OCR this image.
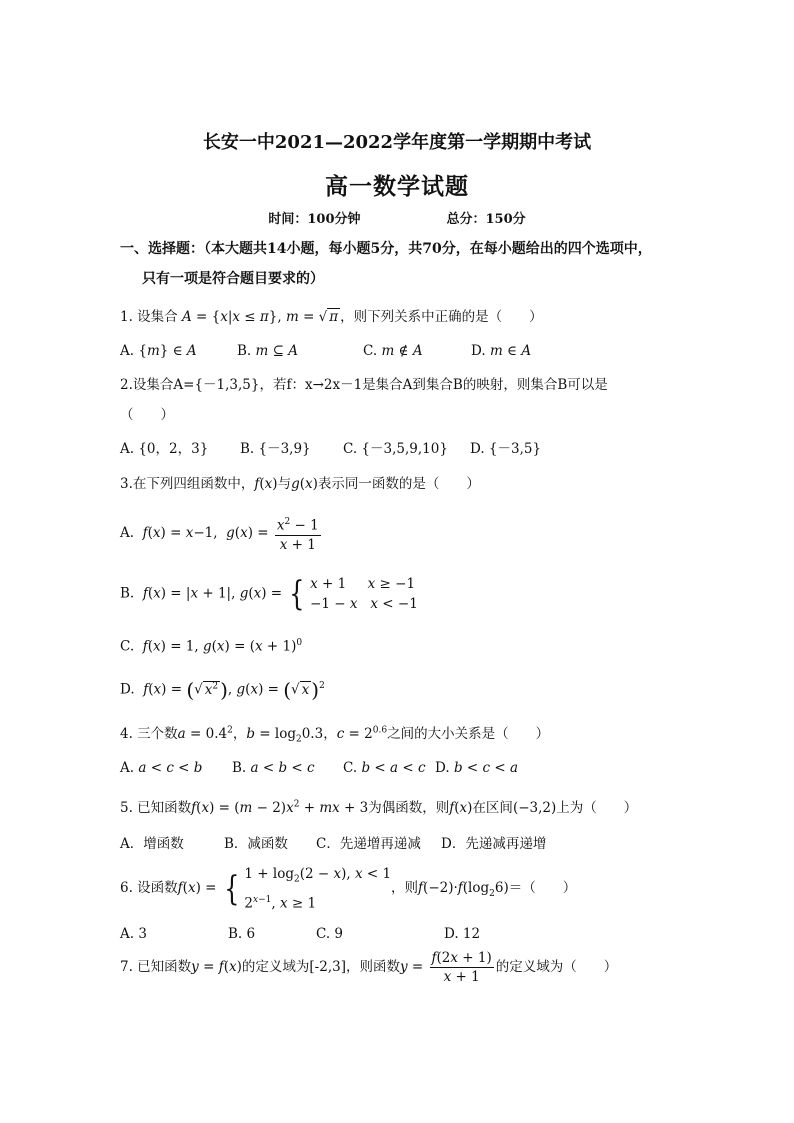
长安一中2021—2022学年度第一学期期中考试
高一数学试题
时间：100分钟	总分：150分
一、选择题：（本大题共14小题，每小题5分，共70分，在每小题给出的四个选项中，
只有一项是符合题目要求的）
1. 设集合 A = {x|x ≤ π}, m = √ π ，则下列关系中正确的是（　　）
A. {m} ∈ A	B. m ⊆ A	C. m ∉ A	D. m ∈ A
2.设集合A={－1,3,5}，若f：x→2x－1是集合A到集合B的映射，则集合B可以是
（　　）
A. {0，2，3} B. {－3,9} C. {－3,5,9,10} D. {－3,5}
3.在下列四组函数中，f(x)与g(x)表示同一函数的是（　　）
A. f(x) = x−1,  $g(x) = \frac{x^2 - 1}{x + 1}$
B. f(x) = |x + 1|, g(x) = { x + 1     x ≥ −1
−1 − x x < −1
C. f(x) = 1, $g(x) = (x + 1)^0$
D. f(x) = (√ $x^2$ ), g(x) = (√ x )$^2$
4. 三个数$a = 0.4^2$，$b = \log_20.3$，$c = 2^{0.6}$之间的大小关系是（　　）
A. a < c < b B. a < b < c C. b < a < c D. b < c < a
5. 已知函数$f(x) = (m - 2)x^2$ + mx + 3为偶函数，则f(x)在区间(−3,2)上为（　　）
A．增函数	B．减函数 C．先递增再递减 D．先递减再递增
6. 设函数f(x) = { $1 + \log_2(2 - x)$, x < 1
$2^{x-1}$, x ≥ 1
，则$f(-2)\cdot f(\log_26)=$（　　）
A. 3	B. 6	C. 9	D. 12
7. 已知函数y = f(x)的定义域为[-2,3]，则函数$y = \frac{f(2x + 1)}{x + 1}$ 的定义域为（　　）
